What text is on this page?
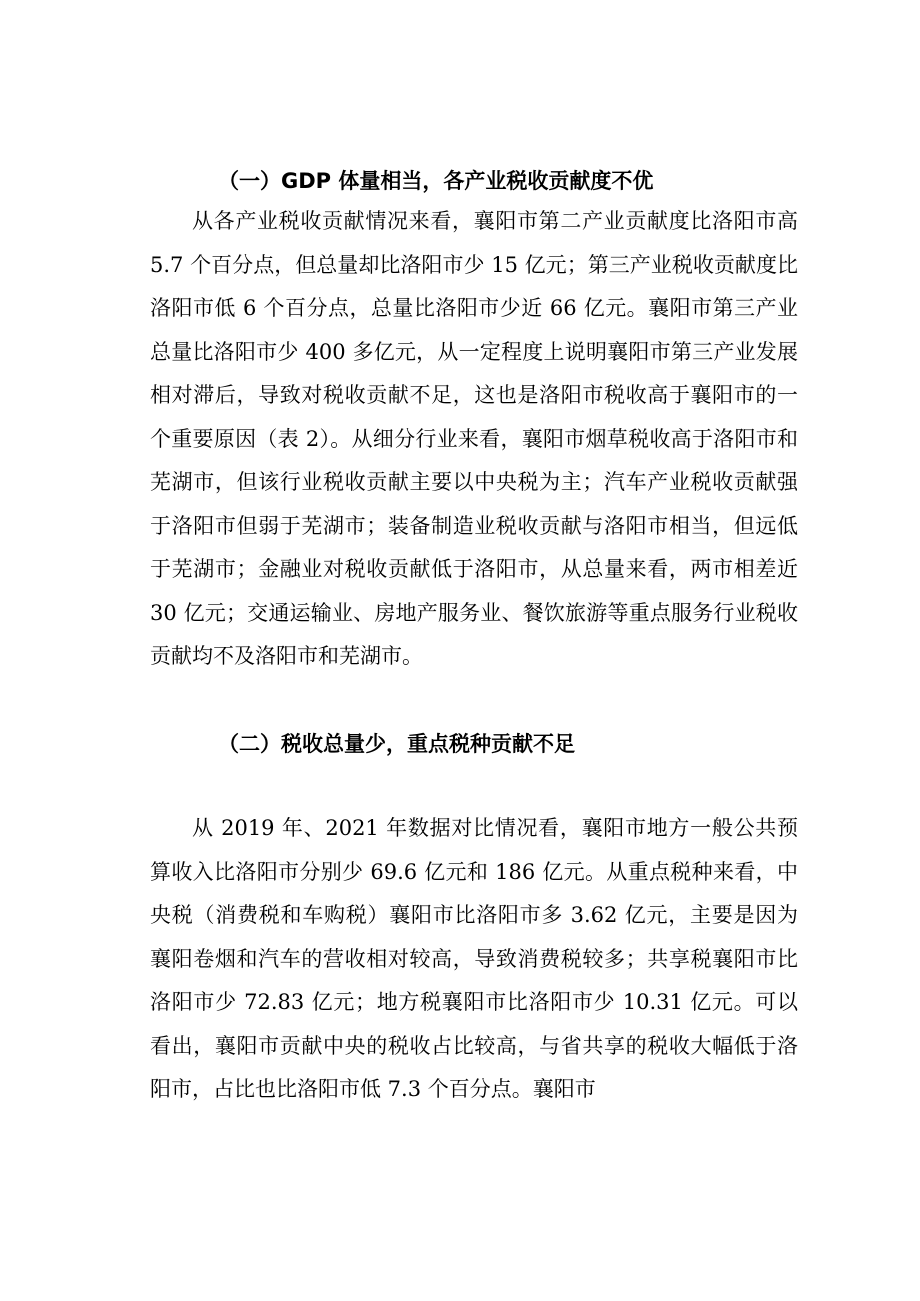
（一）GDP 体量相当，各产业税收贡献度不优

从各产业税收贡献情况来看，襄阳市第二产业贡献度比洛阳市高 5.7 个百分点，但总量却比洛阳市少 15 亿元；第三产业税收贡献度比洛阳市低 6 个百分点，总量比洛阳市少近 66 亿元。襄阳市第三产业总量比洛阳市少 400 多亿元，从一定程度上说明襄阳市第三产业发展相对滞后，导致对税收贡献不足，这也是洛阳市税收高于襄阳市的一个重要原因（表 2）。从细分行业来看，襄阳市烟草税收高于洛阳市和芜湖市，但该行业税收贡献主要以中央税为主；汽车产业税收贡献强于洛阳市但弱于芜湖市；装备制造业税收贡献与洛阳市相当，但远低于芜湖市；金融业对税收贡献低于洛阳市，从总量来看，两市相差近 30 亿元；交通运输业、房地产服务业、餐饮旅游等重点服务行业税收贡献均不及洛阳市和芜湖市。

（二）税收总量少，重点税种贡献不足

从 2019 年、2021 年数据对比情况看，襄阳市地方一般公共预算收入比洛阳市分别少 69.6 亿元和 186 亿元。从重点税种来看，中央税（消费税和车购税）襄阳市比洛阳市多 3.62 亿元，主要是因为襄阳卷烟和汽车的营收相对较高，导致消费税较多；共享税襄阳市比洛阳市少 72.83 亿元；地方税襄阳市比洛阳市少 10.31 亿元。可以看出，襄阳市贡献中央的税收占比较高，与省共享的税收大幅低于洛阳市，占比也比洛阳市低 7.3 个百分点。襄阳市
